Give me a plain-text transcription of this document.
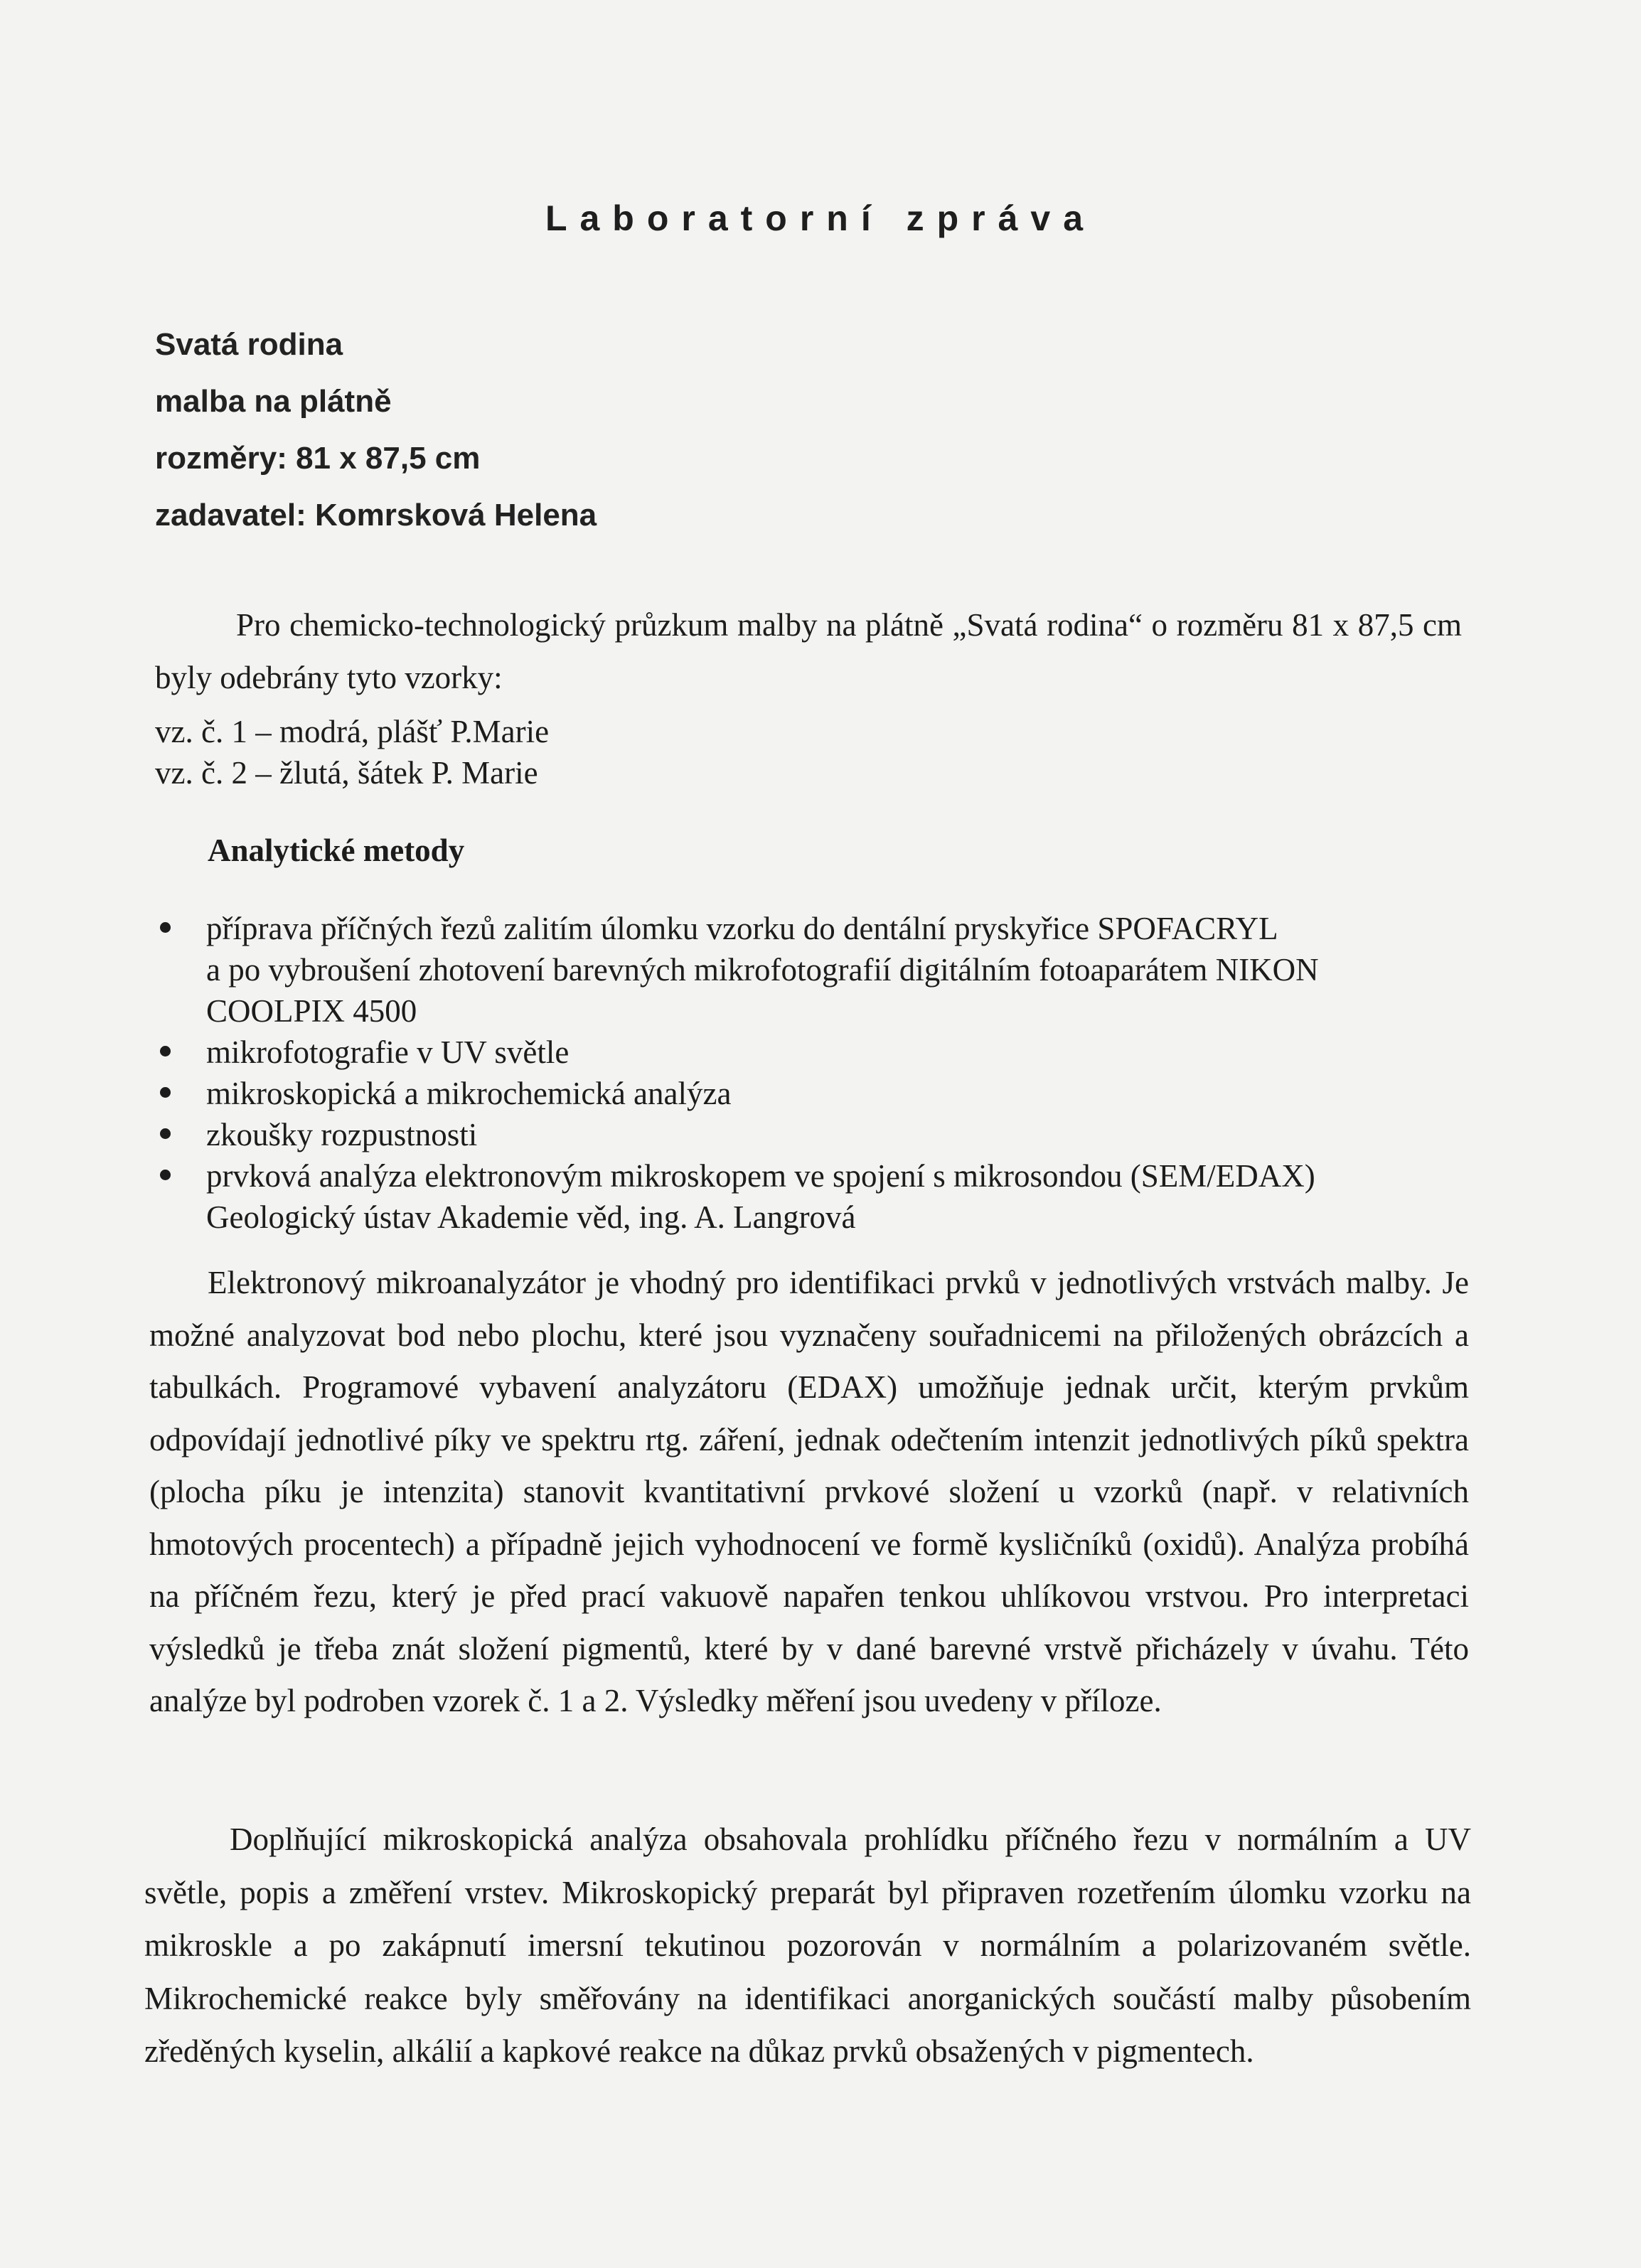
Laboratorní zpráva
Svatá rodina
malba na plátně
rozměry: 81 x 87,5 cm
zadavatel: Komrsková Helena
Pro chemicko-technologický průzkum malby na plátně „Svatá rodina“ o rozměru 81 x 87,5 cm byly odebrány tyto vzorky:
vz. č. 1 – modrá, plášť P.Marie
vz. č. 2 – žlutá, šátek P. Marie
Analytické metody
příprava příčných řezů zalitím úlomku vzorku do dentální pryskyřice SPOFACRYL
a po vybroušení zhotovení barevných mikrofotografií digitálním fotoaparátem NIKON
COOLPIX 4500
mikrofotografie v UV světle
mikroskopická a mikrochemická analýza
zkoušky rozpustnosti
prvková analýza elektronovým mikroskopem ve spojení s mikrosondou (SEM/EDAX)
Geologický ústav Akademie věd, ing. A. Langrová
Elektronový mikroanalyzátor je vhodný pro identifikaci prvků v jednotlivých vrstvách malby. Je možné analyzovat bod nebo plochu, které jsou vyznačeny souřadnicemi na přiložených obrázcích a tabulkách. Programové vybavení analyzátoru (EDAX) umožňuje jednak určit, kterým prvkům odpovídají jednotlivé píky ve spektru rtg. záření, jednak odečtením intenzit jednotlivých píků spektra (plocha píku je intenzita) stanovit kvantitativní prvkové složení u vzorků (např. v relativních hmotových procentech) a případně jejich vyhodnocení ve formě kysličníků (oxidů). Analýza probíhá na příčném řezu, který je před prací vakuově napařen tenkou uhlíkovou vrstvou. Pro interpretaci výsledků je třeba znát složení pigmentů, které by v dané barevné vrstvě přicházely v úvahu. Této analýze byl podroben vzorek č. 1 a 2. Výsledky měření jsou uvedeny v příloze.
Doplňující mikroskopická analýza obsahovala prohlídku příčného řezu v normálním a UV světle, popis a změření vrstev. Mikroskopický preparát byl připraven rozetřením úlomku vzorku na mikroskle a po zakápnutí imersní tekutinou pozorován v normálním a polarizovaném světle. Mikrochemické reakce byly směřovány na identifikaci anorganických součástí malby působením zředěných kyselin, alkálií a kapkové reakce na důkaz prvků obsažených v pigmentech.
